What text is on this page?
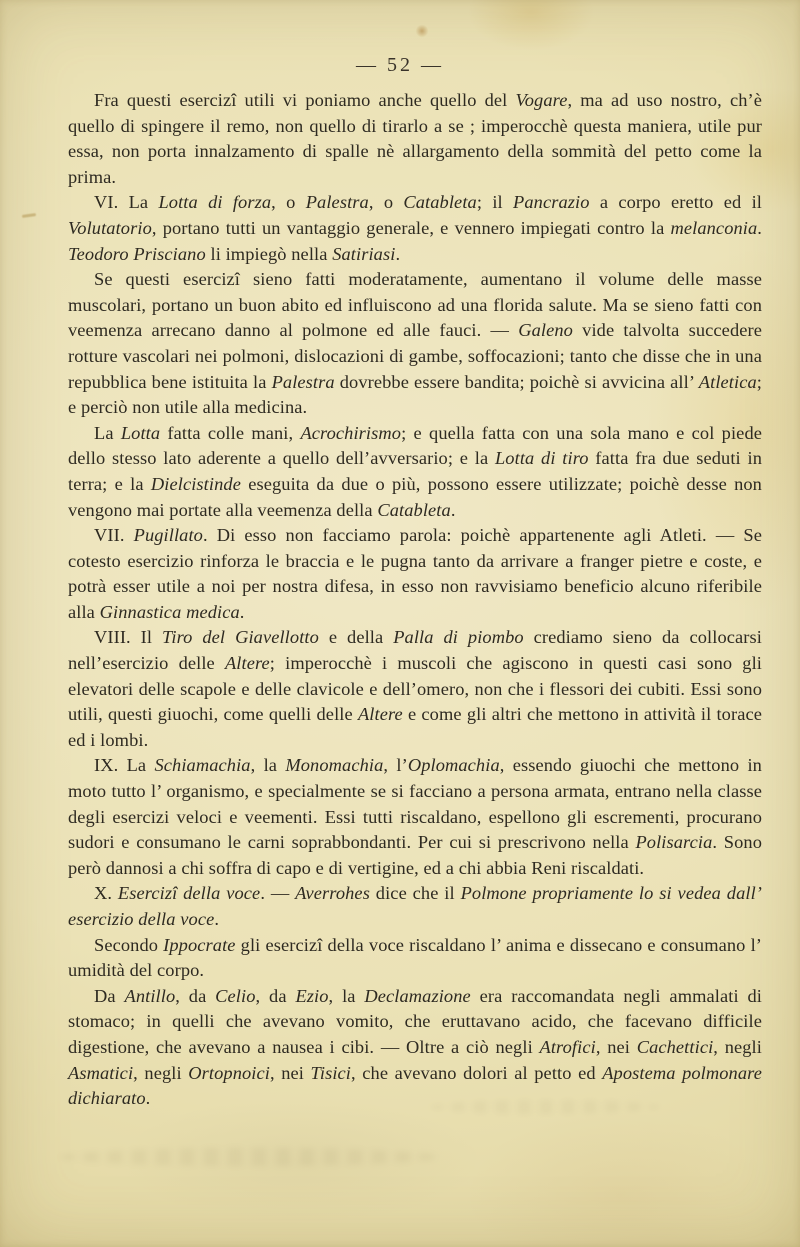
— 52 —

Fra questi esercizî utili vi poniamo anche quello del Vogare, ma ad uso nostro, ch’è quello di spingere il remo, non quello di tirarlo a se ; imperocchè questa maniera, utile pur essa, non porta innalzamento di spalle nè allargamento della sommità del petto come la prima.

VI. La Lotta di forza, o Palestra, o Catableta; il Pancrazio a corpo eretto ed il Volutatorio, portano tutti un vantaggio generale, e vennero impiegati contro la melanconia. Teodoro Prisciano li impiegò nella Satiriasi.

Se questi esercizî sieno fatti moderatamente, aumentano il volume delle masse muscolari, portano un buon abito ed influiscono ad una florida salute. Ma se sieno fatti con veemenza arrecano danno al polmone ed alle fauci. — Galeno vide talvolta succedere rotture vascolari nei polmoni, dislocazioni di gambe, soffocazioni; tanto che disse che in una repubblica bene istituita la Palestra dovrebbe essere bandita; poichè si avvicina all’ Atletica; e perciò non utile alla medicina.

La Lotta fatta colle mani, Acrochirismo; e quella fatta con una sola mano e col piede dello stesso lato aderente a quello dell’avversario; e la Lotta di tiro fatta fra due seduti in terra; e la Dielcistinde eseguita da due o più, possono essere utilizzate; poichè desse non vengono mai portate alla veemenza della Catableta.

VII. Pugillato. Di esso non facciamo parola: poichè appartenente agli Atleti. — Se cotesto esercizio rinforza le braccia e le pugna tanto da arrivare a franger pietre e coste, e potrà esser utile a noi per nostra difesa, in esso non ravvisiamo beneficio alcuno riferibile alla Ginnastica medica.

VIII. Il Tiro del Giavellotto e della Palla di piombo crediamo sieno da collocarsi nell’esercizio delle Altere; imperocchè i muscoli che agiscono in questi casi sono gli elevatori delle scapole e delle clavicole e dell’omero, non che i flessori dei cubiti. Essi sono utili, questi giuochi, come quelli delle Altere e come gli altri che mettono in attività il torace ed i lombi.

IX. La Schiamachia, la Monomachia, l’Oplomachia, essendo giuochi che mettono in moto tutto l’ organismo, e specialmente se si facciano a persona armata, entrano nella classe degli esercizi veloci e veementi. Essi tutti riscaldano, espellono gli escrementi, procurano sudori e consumano le carni soprabbondanti. Per cui si prescrivono nella Polisarcia. Sono però dannosi a chi soffra di capo e di vertigine, ed a chi abbia Reni riscaldati.

X. Esercizî della voce. — Averrohes dice che il Polmone propriamente lo si vedea dall’ esercizio della voce.

Secondo Ippocrate gli esercizî della voce riscaldano l’ anima e dissecano e consumano l’ umidità del corpo.

Da Antillo, da Celio, da Ezio, la Declamazione era raccomandata negli ammalati di stomaco; in quelli che avevano vomito, che eruttavano acido, che facevano difficile digestione, che avevano a nausea i cibi. — Oltre a ciò negli Atrofici, nei Cachettici, negli Asmatici, negli Ortopnoici, nei Tisici, che avevano dolori al petto ed Apostema polmonare dichiarato.
